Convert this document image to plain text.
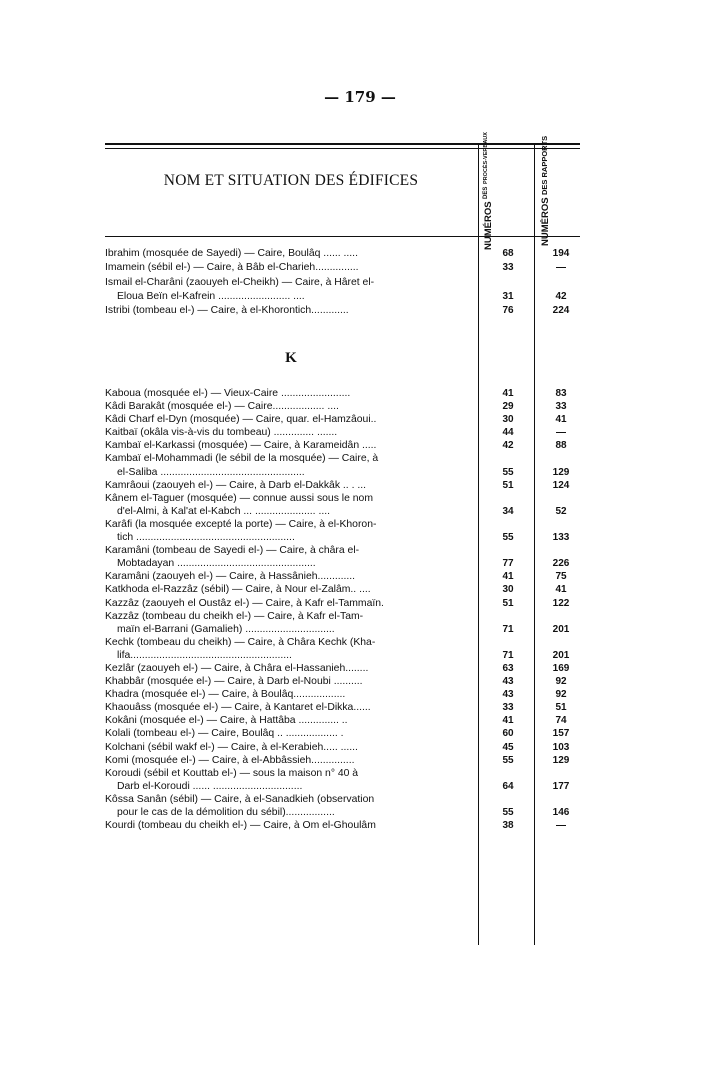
— 179 —
NOM ET SITUATION DES ÉDIFICES
NUMÉROS
DES
PROCÈS-VERBAUX
NUMÉROS
DES RAPPORTS
Ibrahim (mosquée de Sayedi) — Caire, Boulâq ...... .....	68	194
Imamein (sébil el-) — Caire, à Bâb el-Charieh...............	33	—
Ismail el-Charâni (zaouyeh el-Cheikh) — Caire, à Hâret el-
Eloua Beïn el-Kafrein ......................... ....	31	42
Istribi (tombeau el-) — Caire, à el-Khorontich.............	76	224
K
Kaboua (mosquée el-) — Vieux-Caire ........................	41	83
Kâdi Barakât (mosquée el-) — Caire.................. ....	29	33
Kâdi Charf el-Dyn (mosquée) — Caire, quar. el-Hamzâoui..	30	41
Kaitbaï (okâla vis-à-vis du tombeau) .............. .......	44	—
Kambaï el-Karkassi (mosquée) — Caire, à Karameidân .....	42	88
Kambaï el-Mohammadi (le sébil de la mosquée) — Caire, à
el-Saliba ..................................................	55	129
Kamrâoui (zaouyeh el-) — Caire, à Darb el-Dakkâk .. . ...	51	124
Kânem el-Taguer (mosquée) — connue aussi sous le nom
d'el-Almi, à Kal'at el-Kabch ... ..................... ....	34	52
Karâfi (la mosquée excepté la porte) — Caire, à el-Khoron-
tich .......................................................	55	133
Karamâni (tombeau de Sayedi el-) — Caire, à châra el-
Mobtadayan ................................................	77	226
Karamâni (zaouyeh el-) — Caire, à Hassânieh.............	41	75
Katkhoda el-Razzâz (sébil) — Caire, à Nour el-Zalâm.. ....	30	41
Kazzâz (zaouyeh el Oustâz el-) — Caire, à Kafr el-Tammaïn.	51	122
Kazzâz (tombeau du cheikh el-) — Caire, à Kafr el-Tam-
maïn el-Barrani (Gamalieh) ...............................	71	201
Kechk (tombeau du cheikh) — Caire, à Châra Kechk (Kha-
lifa........................................................	71	201
Kezlâr (zaouyeh el-) — Caire, à Châra el-Hassanieh........	63	169
Khabbâr (mosquée el-) — Caire, à Darb el-Noubi ..........	43	92
Khadra (mosquée el-) — Caire, à Boulâq..................	43	92
Khaouâss (mosquée el-) — Caire, à Kantaret el-Dikka......	33	51
Kokâni (mosquée el-) — Caire, à Hattâba .............. ..	41	74
Kolali (tombeau el-) — Caire, Boulâq .. .................. .	60	157
Kolchani (sébil wakf el-) — Caire, à el-Kerabieh..... ......	45	103
Komi (mosquée el-) — Caire, à el-Abbâssieh...............	55	129
Koroudi (sébil et Kouttab el-) — sous la maison n° 40 à
Darb el-Koroudi ...... ...............................	64	177
Kôssa Sanân (sébil) — Caire, à el-Sanadkieh (observation
pour le cas de la démolition du sébil).................	55	146
Kourdi (tombeau du cheikh el-) — Caire, à Om el-Ghoulâm	38	—
